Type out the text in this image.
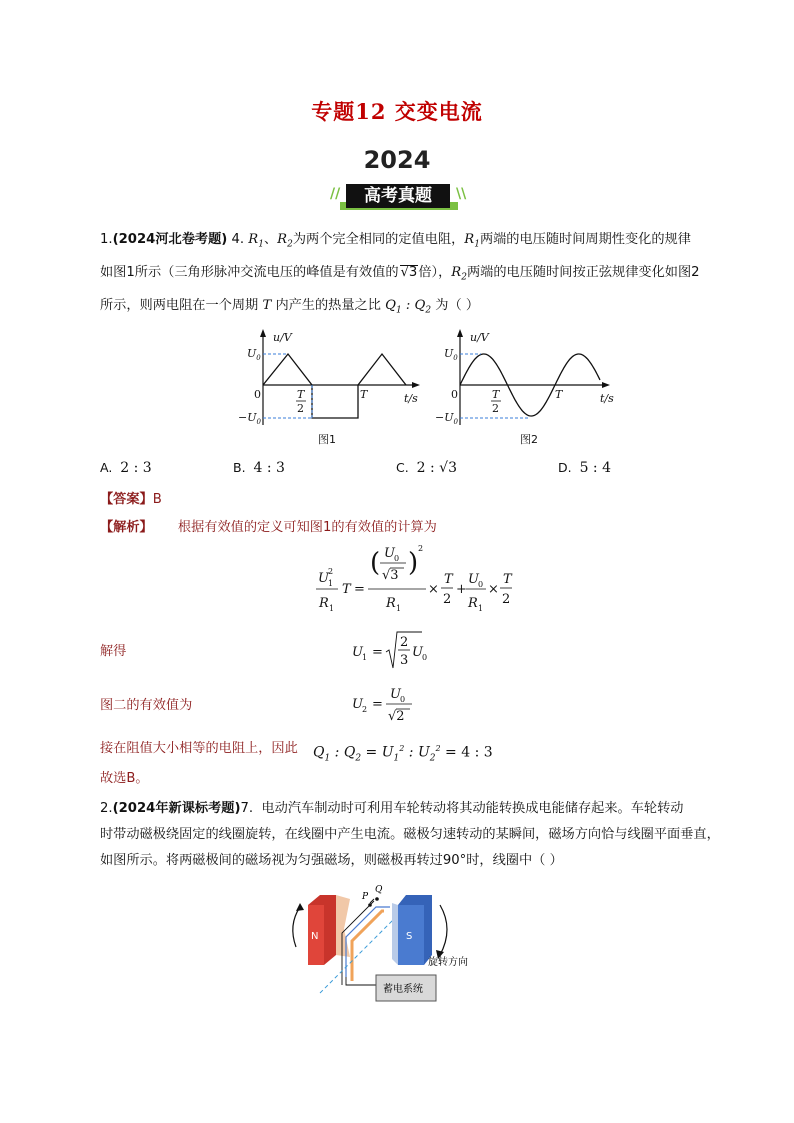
专题12 交变电流
2024
//	高考真题	\\
1.(2024河北卷考题) 4. $R_1$、$R_2$为两个完全相同的定值电阻，$R_1$两端的电压随时间周期性变化的规律
如图1所示（三角形脉冲交流电压的峰值是有效值的 √3倍），$R_2$两端的电压随时间按正弦规律变化如图2
所示，则两电阻在一个周期 T 内产生的热量之比 $Q_1$ : $Q_2$ 为（ ）
u/V
$U_0$
0	T
2
T	t/s
$-U_0$
图1
u/V
$U_0$
0	T
2
T	t/s
$-U_0$
图2
A. 2 : 3	B. 4 : 3	C. 2 : √3	D. 5 : 4
【答案】B
【解析】 根据有效值的定义可知图1的有效值的计算为
U 2
1
R 1
T =
( U 0
√3 ) 2
R 1
×
T
2
+
U 0
R 1
×
T
2
解得	U 1 =
2
3
U 0
图二的有效值为	U 2 =
U 0
√2
接在阻值大小相等的电阻上，因此 $Q_1$ : $Q_2 = U_1^2$ : $U_2^2 = 4$ : 3
故选B。
2.(2024年新课标考题)7. 电动汽车制动时可利用车轮转动将其动能转换成电能储存起来。车轮转动
时带动磁极绕固定的线圈旋转，在线圈中产生电流。磁极匀速转动的某瞬间，磁场方向恰与线圈平面垂直，
如图所示。将两磁极间的磁场视为匀强磁场，则磁极再转过90°时，线圈中（ ）
N
P
Q
S
旋转方向
蓄电系统
